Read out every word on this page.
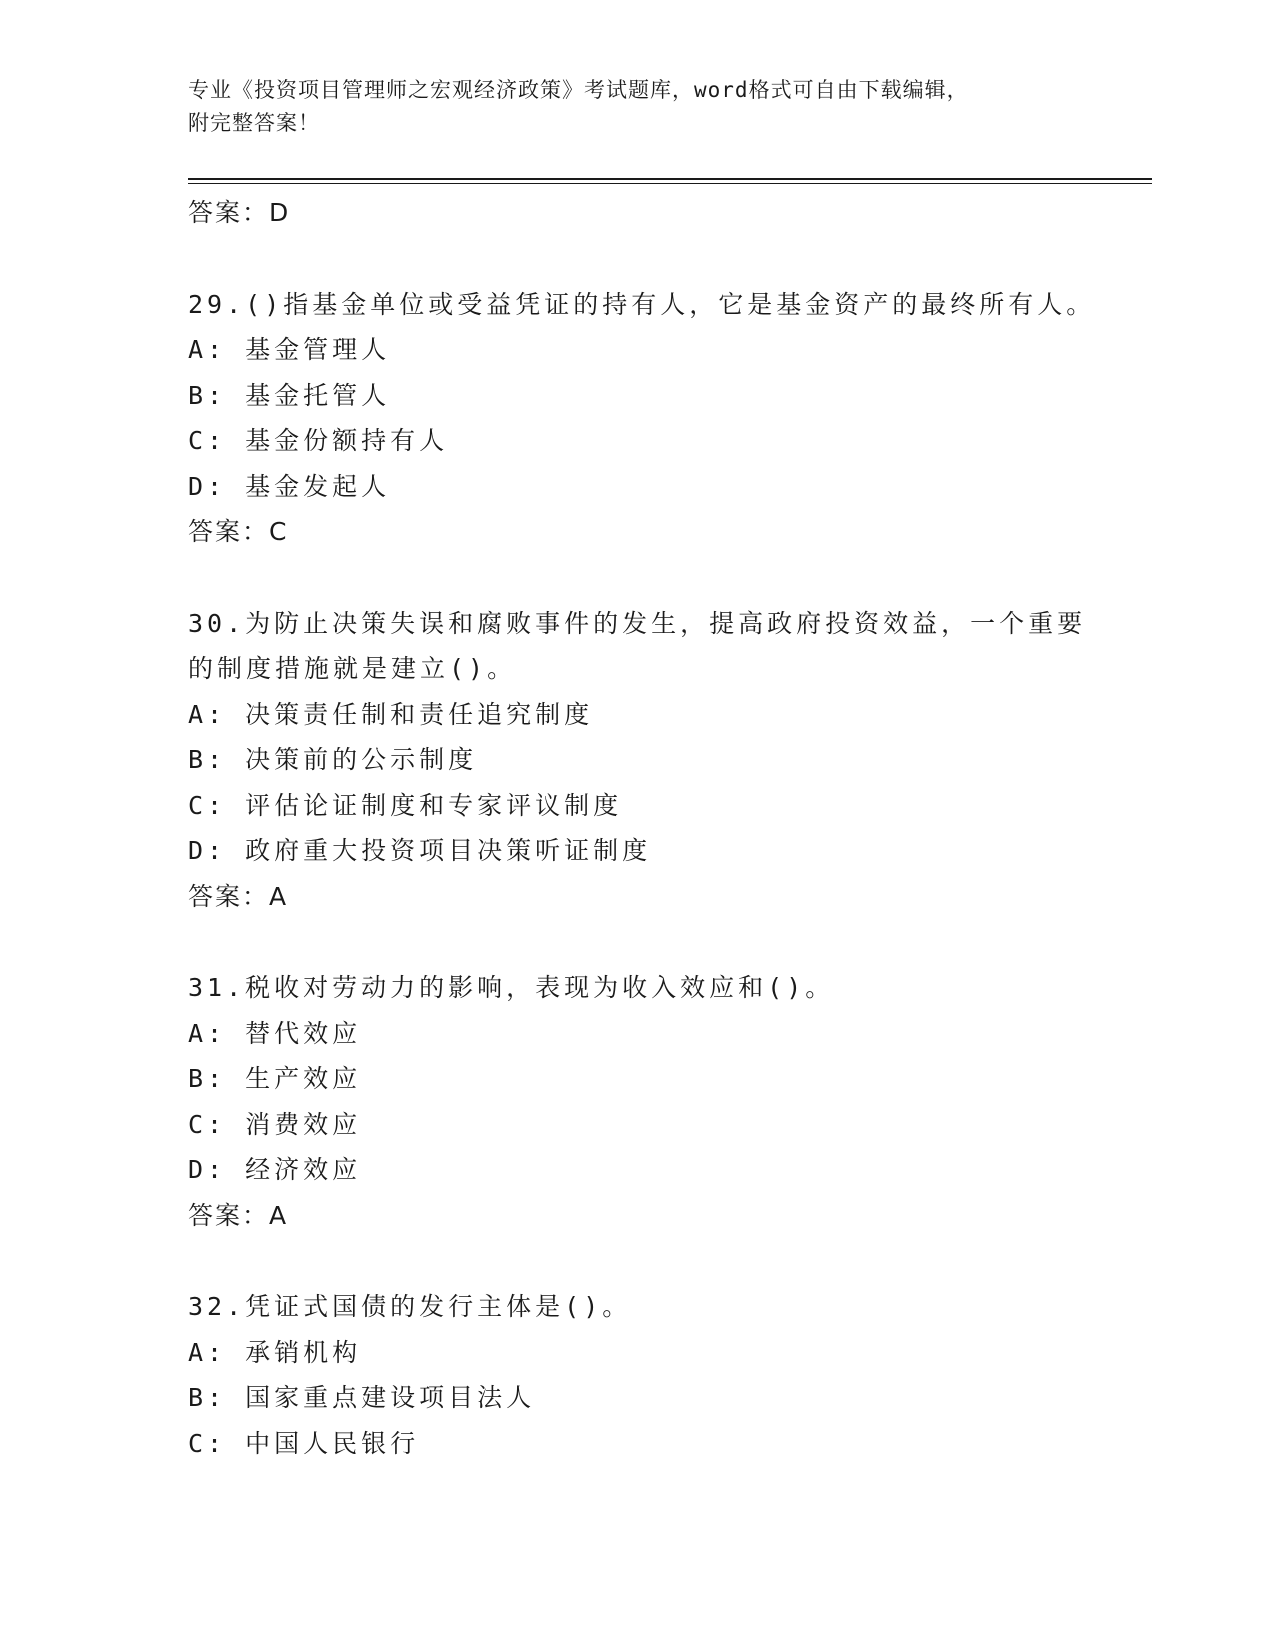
专业《投资项目管理师之宏观经济政策》考试题库，word格式可自由下载编辑，
附完整答案！
答案：D
29.()指基金单位或受益凭证的持有人，它是基金资产的最终所有人。
A: 基金管理人
B: 基金托管人
C: 基金份额持有人
D: 基金发起人
答案：C
30.为防止决策失误和腐败事件的发生，提高政府投资效益，一个重要
的制度措施就是建立()。
A: 决策责任制和责任追究制度
B: 决策前的公示制度
C: 评估论证制度和专家评议制度
D: 政府重大投资项目决策听证制度
答案：A
31.税收对劳动力的影响，表现为收入效应和()。
A: 替代效应
B: 生产效应
C: 消费效应
D: 经济效应
答案：A
32.凭证式国债的发行主体是()。
A: 承销机构
B: 国家重点建设项目法人
C: 中国人民银行
